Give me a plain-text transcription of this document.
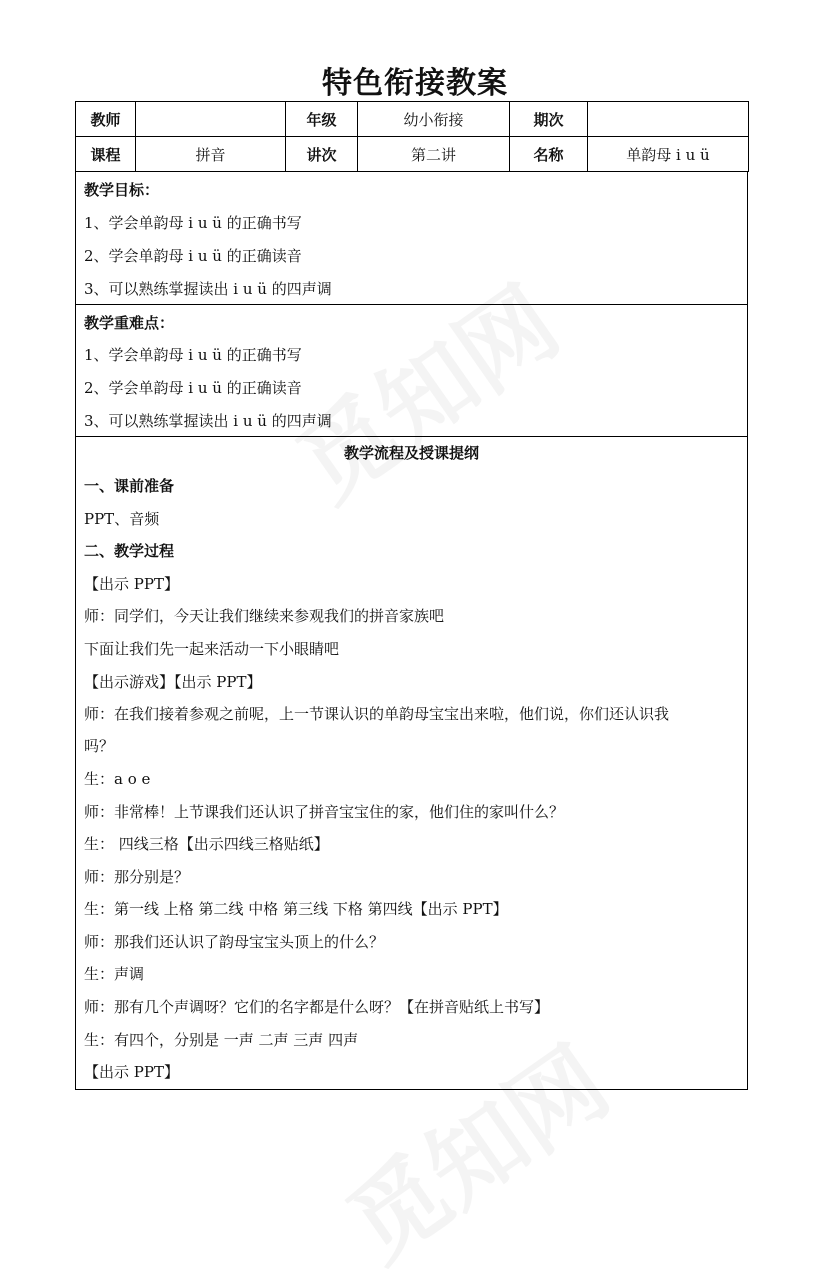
特色衔接教案
教师		年级	幼小衔接	期次	
课程	拼音	讲次	第二讲	名称	单韵母 i u ü
教学目标：
1、学会单韵母 i u ü 的正确书写
2、学会单韵母 i u ü 的正确读音
3、可以熟练掌握读出 i u ü 的四声调
教学重难点：
1、学会单韵母 i u ü 的正确书写
2、学会单韵母 i u ü 的正确读音
3、可以熟练掌握读出 i u ü 的四声调
教学流程及授课提纲
一、课前准备
PPT、音频
二、教学过程
【出示 PPT】
师：同学们，今天让我们继续来参观我们的拼音家族吧
下面让我们先一起来活动一下小眼睛吧
【出示游戏】【出示 PPT】
师：在我们接着参观之前呢，上一节课认识的单韵母宝宝出来啦，他们说，你们还认识我
吗？
生：a o e
师：非常棒！上节课我们还认识了拼音宝宝住的家，他们住的家叫什么？
生： 四线三格【出示四线三格贴纸】
师：那分别是？
生：第一线 上格 第二线 中格 第三线 下格 第四线【出示 PPT】
师：那我们还认识了韵母宝宝头顶上的什么？
生：声调
师：那有几个声调呀？它们的名字都是什么呀？【在拼音贴纸上书写】
生：有四个，分别是 一声 二声 三声 四声
【出示 PPT】
